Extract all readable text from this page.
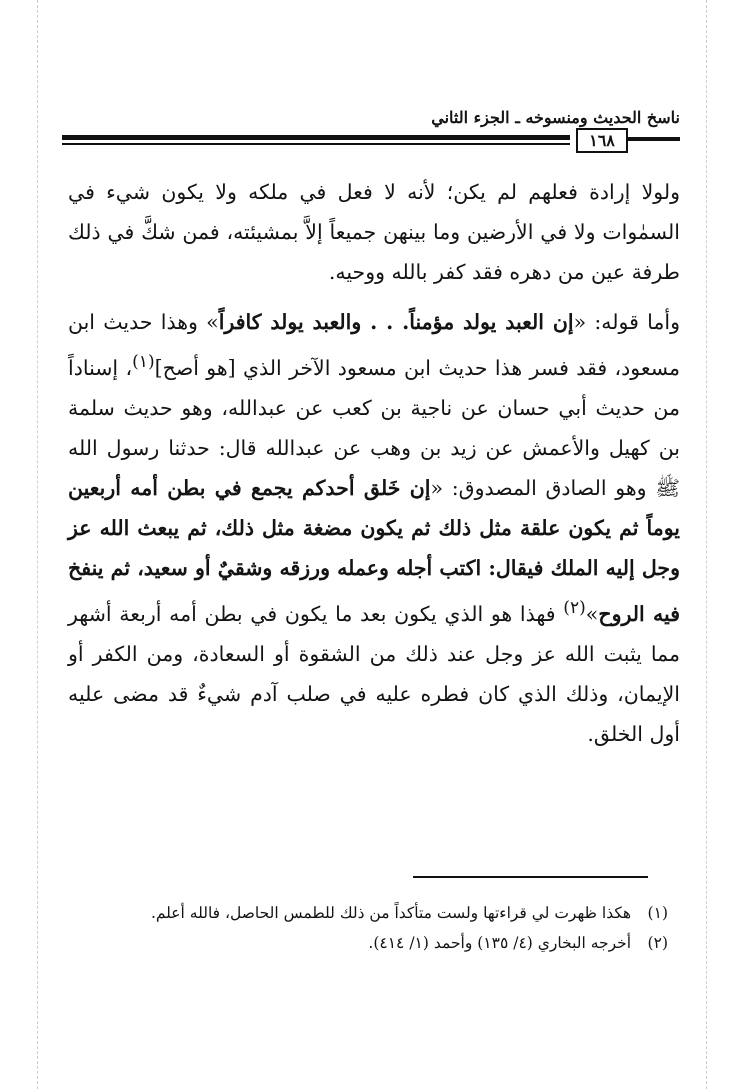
ناسخ الحديث ومنسوخه ـ الجزء الثاني
١٦٨

ولولا إرادة فعلهم لم يكن؛ لأنه لا فعل في ملكه ولا يكون شيء في السمٰوات ولا في الأرضين وما بينهن جميعاً إلاَّ بمشيئته، فمن شكَّ في ذلك طرفة عين من دهره فقد كفر بالله ووحيه.

وأما قوله: «إن العبد يولد مؤمناً. . . والعبد يولد كافراً» وهذا حديث ابن مسعود، فقد فسر هذا حديث ابن مسعود الآخر الذي [هو أصح]$^{(١)}$، إسناداً من حديث أبي حسان عن ناجية بن كعب عن عبدالله، وهو حديث سلمة بن كهيل والأعمش عن زيد بن وهب عن عبدالله قال: حدثنا رسول الله ﷺ وهو الصادق المصدوق: «إن خَلق أحدكم يجمع في بطن أمه أربعين يوماً ثم يكون علقة مثل ذلك ثم يكون مضغة مثل ذلك، ثم يبعث الله عز وجل إليه الملك فيقال: اكتب أجله وعمله ورزقه وشقيٌ أو سعيد، ثم ينفخ فيه الروح»$^{(٢)}$ فهذا هو الذي يكون بعد ما يكون في بطن أمه أربعة أشهر مما يثبت الله عز وجل عند ذلك من الشقوة أو السعادة، ومن الكفر أو الإيمان، وذلك الذي كان فطره عليه في صلب آدم شيءٌ قد مضى عليه أول الخلق.

(١) هكذا ظهرت لي قراءتها ولست متأكداً من ذلك للطمس الحاصل، فالله أعلم.

(٢) أخرجه البخاري (٤/ ١٣٥) وأحمد (١/ ٤١٤).
